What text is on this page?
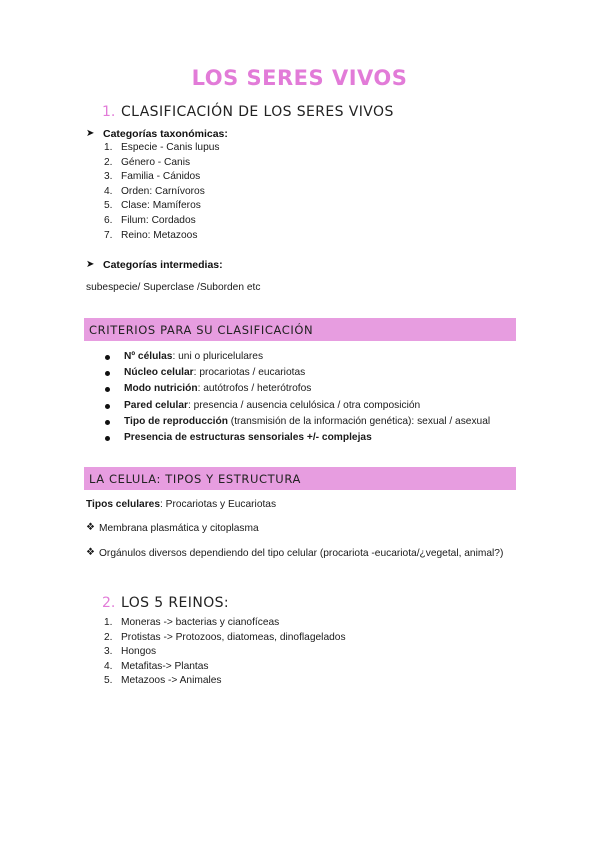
LOS SERES VIVOS
1. CLASIFICACIÓN DE LOS SERES VIVOS
➤ Categorías taxonómicas:
1. Especie - Canis lupus
2. Género - Canis
3. Familia - Cánidos
4. Orden: Carnívoros
5. Clase: Mamíferos
6. Filum: Cordados
7. Reino: Metazoos
➤ Categorías intermedias:
subespecie/ Superclase /Suborden etc
CRITERIOS PARA SU CLASIFICACIÓN
Nº células: uni o pluricelulares
Núcleo celular: procariotas / eucariotas
Modo nutrición: autótrofos / heterótrofos
Pared celular: presencia / ausencia celulósica / otra composición
Tipo de reproducción (transmisión de la información genética): sexual / asexual
Presencia de estructuras sensoriales +/- complejas
LA CELULA: TIPOS Y ESTRUCTURA
Tipos celulares: Procariotas y Eucariotas
❖ Membrana plasmática y citoplasma
❖ Orgánulos diversos dependiendo del tipo celular (procariota -eucariota/¿vegetal, animal?)
2. LOS 5 REINOS:
1. Moneras -> bacterias y cianofíceas
2. Protistas -> Protozoos, diatomeas, dinoflagelados
3. Hongos
4. Metafitas-> Plantas
5. Metazoos -> Animales
